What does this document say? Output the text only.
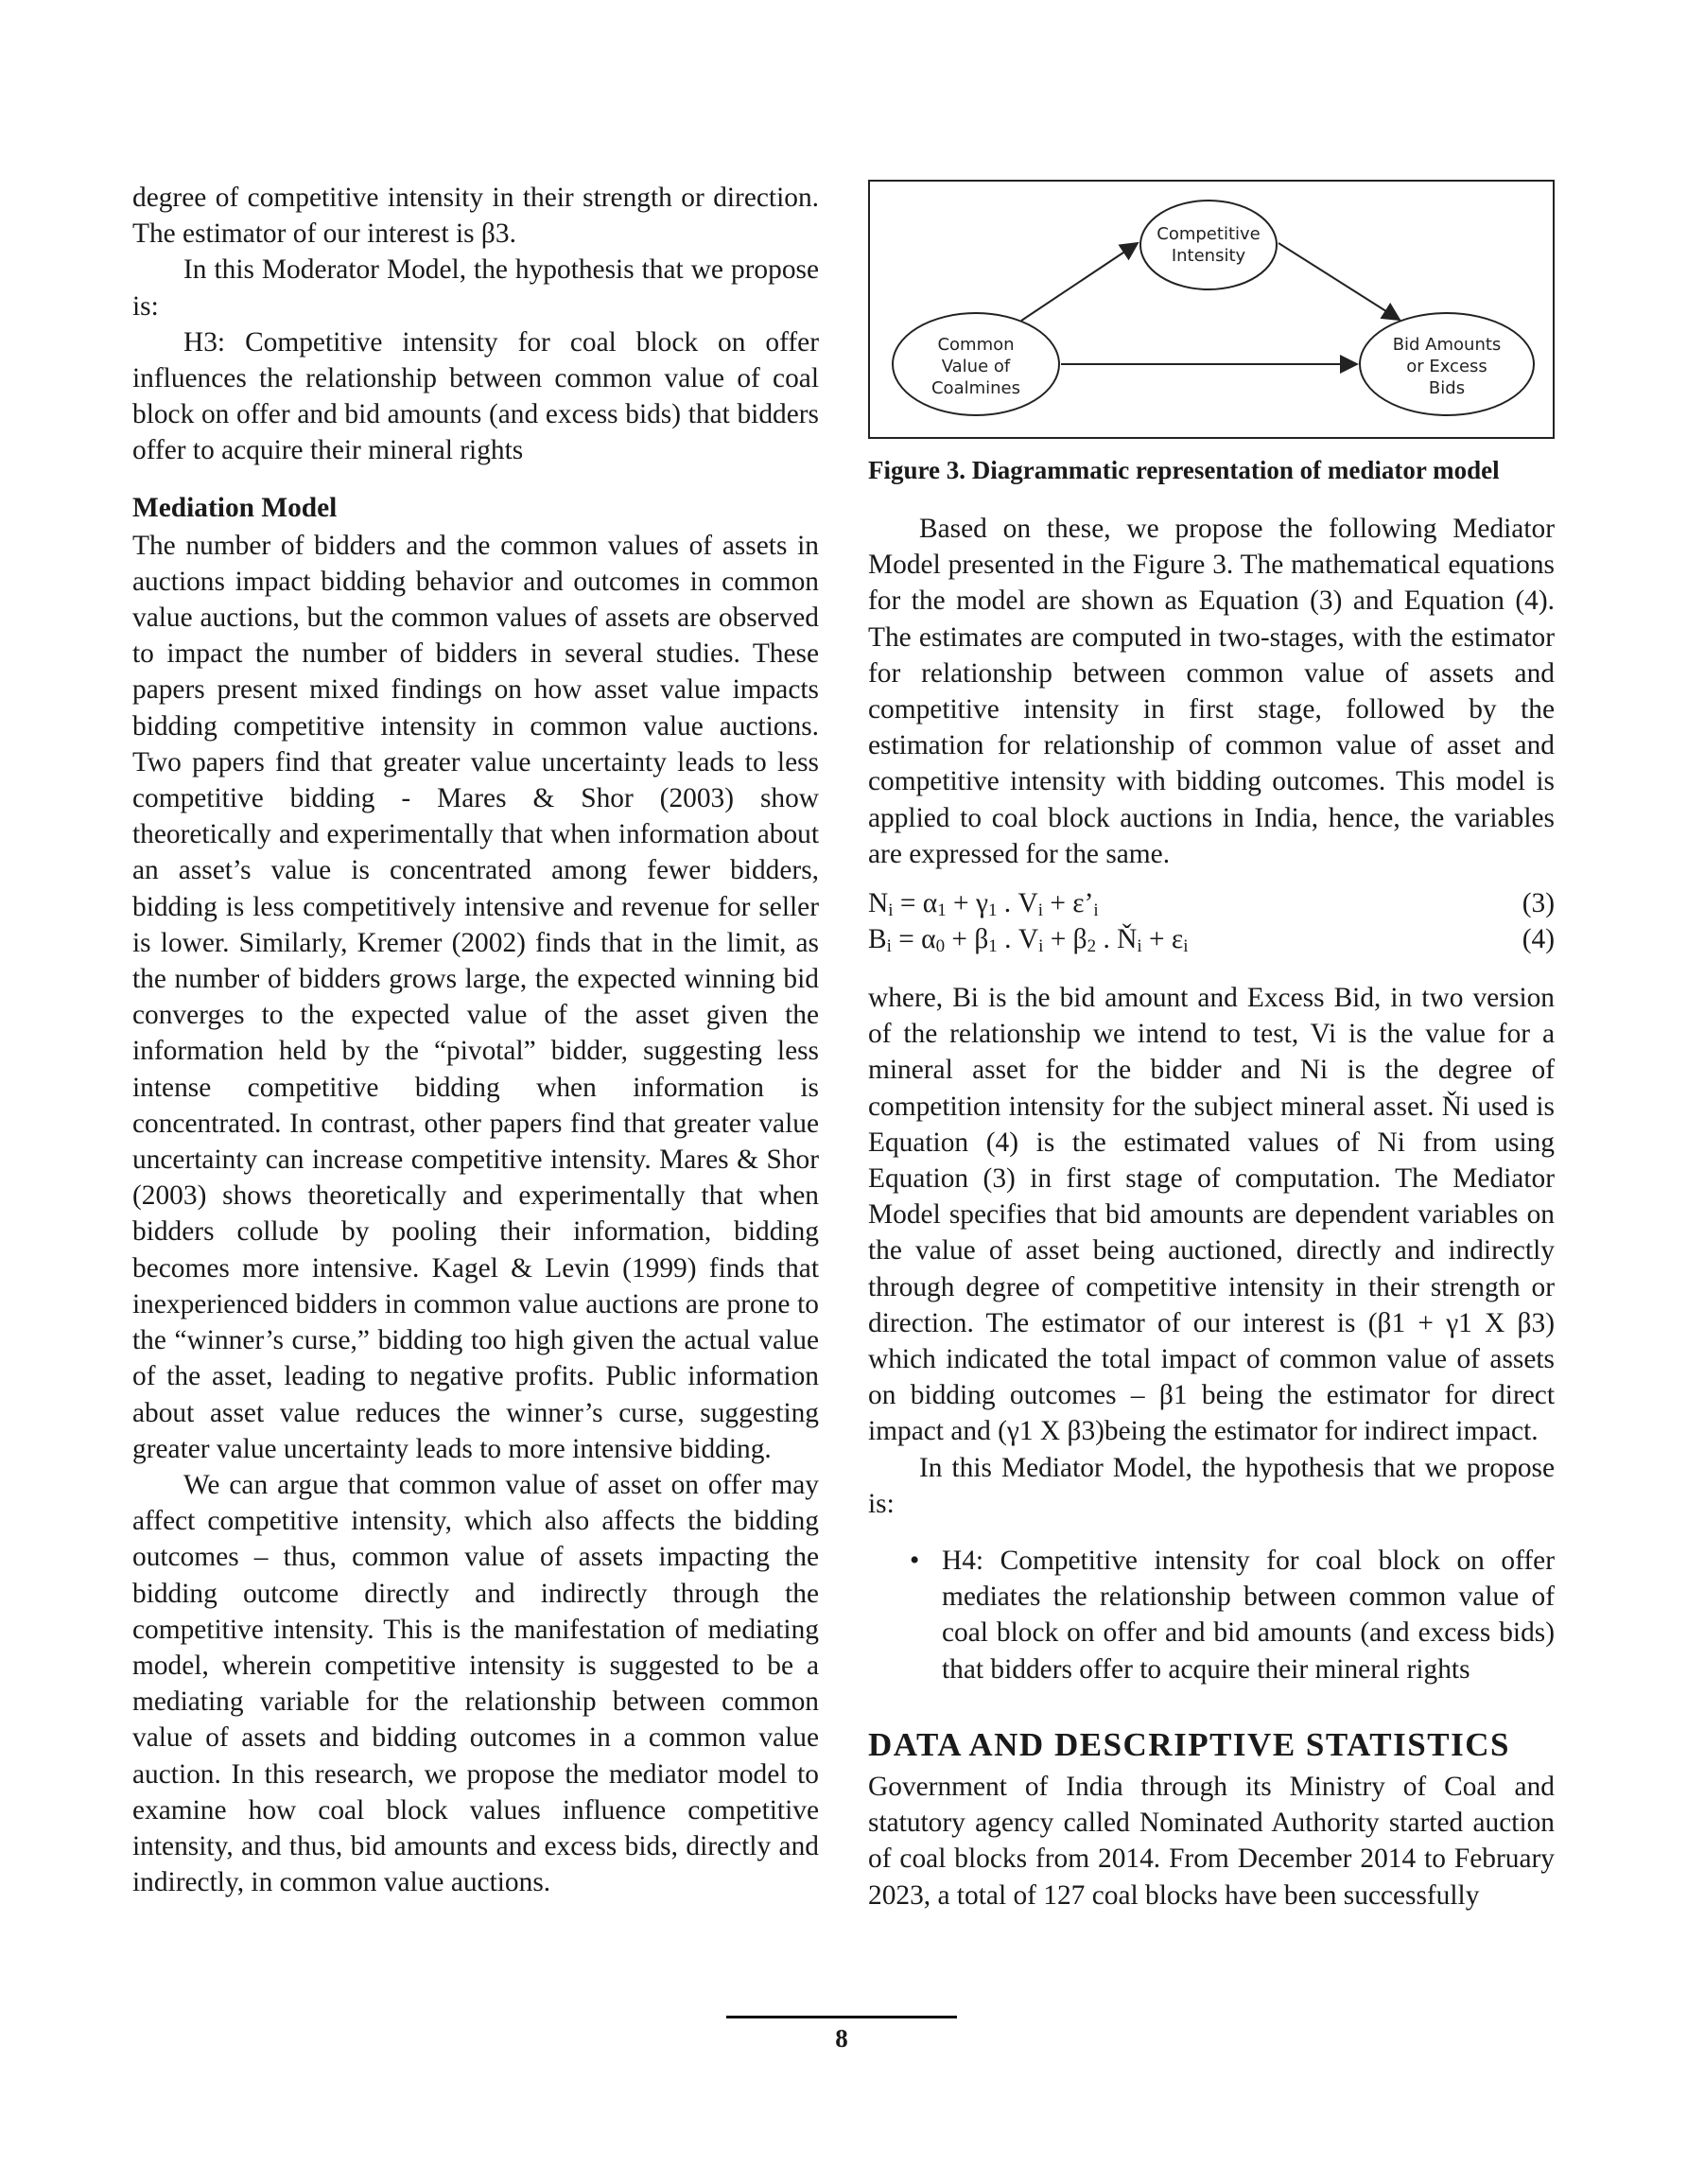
degree of competitive intensity in their strength or direction. The estimator of our interest is β3.

In this Moderator Model, the hypothesis that we propose is:

H3: Competitive intensity for coal block on offer influences the relationship between common value of coal block on offer and bid amounts (and excess bids) that bidders offer to acquire their mineral rights

Mediation Model

The number of bidders and the common values of assets in auctions impact bidding behavior and outcomes in common value auctions, but the common values of assets are observed to impact the number of bidders in several studies. These papers present mixed findings on how asset value impacts bidding competitive intensity in common value auctions. Two papers find that greater value uncertainty leads to less competitive bidding - Mares & Shor (2003) show theoretically and experimentally that when information about an asset’s value is concentrated among fewer bidders, bidding is less competitively intensive and revenue for seller is lower. Similarly, Kremer (2002) finds that in the limit, as the number of bidders grows large, the expected winning bid converges to the expected value of the asset given the information held by the “pivotal” bidder, suggesting less intense competitive bidding when information is concentrated. In contrast, other papers find that greater value uncertainty can increase competitive intensity. Mares & Shor (2003) shows theoretically and experimentally that when bidders collude by pooling their information, bidding becomes more intensive. Kagel & Levin (1999) finds that inexperienced bidders in common value auctions are prone to the “winner’s curse,” bidding too high given the actual value of the asset, leading to negative profits. Public information about asset value reduces the winner’s curse, suggesting greater value uncertainty leads to more intensive bidding.

We can argue that common value of asset on offer may affect competitive intensity, which also affects the bidding outcomes – thus, common value of assets impacting the bidding outcome directly and indirectly through the competitive intensity. This is the manifestation of mediating model, wherein competitive intensity is suggested to be a mediating variable for the relationship between common value of assets and bidding outcomes in a common value auction. In this research, we propose the mediator model to examine how coal block values influence competitive intensity, and thus, bid amounts and excess bids, directly and indirectly, in common value auctions.

Competitive
Intensity
Common
Value of
Coalmines
Bid Amounts
or Excess
Bids
Figure 3. Diagrammatic representation of mediator model

Based on these, we propose the following Mediator Model presented in the Figure 3. The mathematical equations for the model are shown as Equation (3) and Equation (4). The estimates are computed in two-stages, with the estimator for relationship between common value of assets and competitive intensity in first stage, followed by the estimation for relationship of common value of asset and competitive intensity with bidding outcomes. This model is applied to coal block auctions in India, hence, the variables are expressed for the same.

$N_i = \alpha_1 + \gamma_1$ . $V_i$ + $\varepsilon’_i$	(3)
$B_i = \alpha_0 + \beta_1$ . $V_i + \beta_2$ . $Ň_i + \varepsilon_i$	(4)

where, Bi is the bid amount and Excess Bid, in two version of the relationship we intend to test, Vi is the value for a mineral asset for the bidder and Ni is the degree of competition intensity for the subject mineral asset. Ňi used is Equation (4) is the estimated values of Ni from using Equation (3) in first stage of computation. The Mediator Model specifies that bid amounts are dependent variables on the value of asset being auctioned, directly and indirectly through degree of competitive intensity in their strength or direction. The estimator of our interest is (β1 + γ1 X β3) which indicated the total impact of common value of assets on bidding outcomes – β1 being the estimator for direct impact and (γ1 X β3)being the estimator for indirect impact.

In this Mediator Model, the hypothesis that we propose is:

• H4: Competitive intensity for coal block on offer mediates the relationship between common value of coal block on offer and bid amounts (and excess bids) that bidders offer to acquire their mineral rights
DATA AND DESCRIPTIVE STATISTICS

Government of India through its Ministry of Coal and statutory agency called Nominated Authority started auction of coal blocks from 2014. From December 2014 to February 2023, a total of 127 coal blocks have been successfully

8
